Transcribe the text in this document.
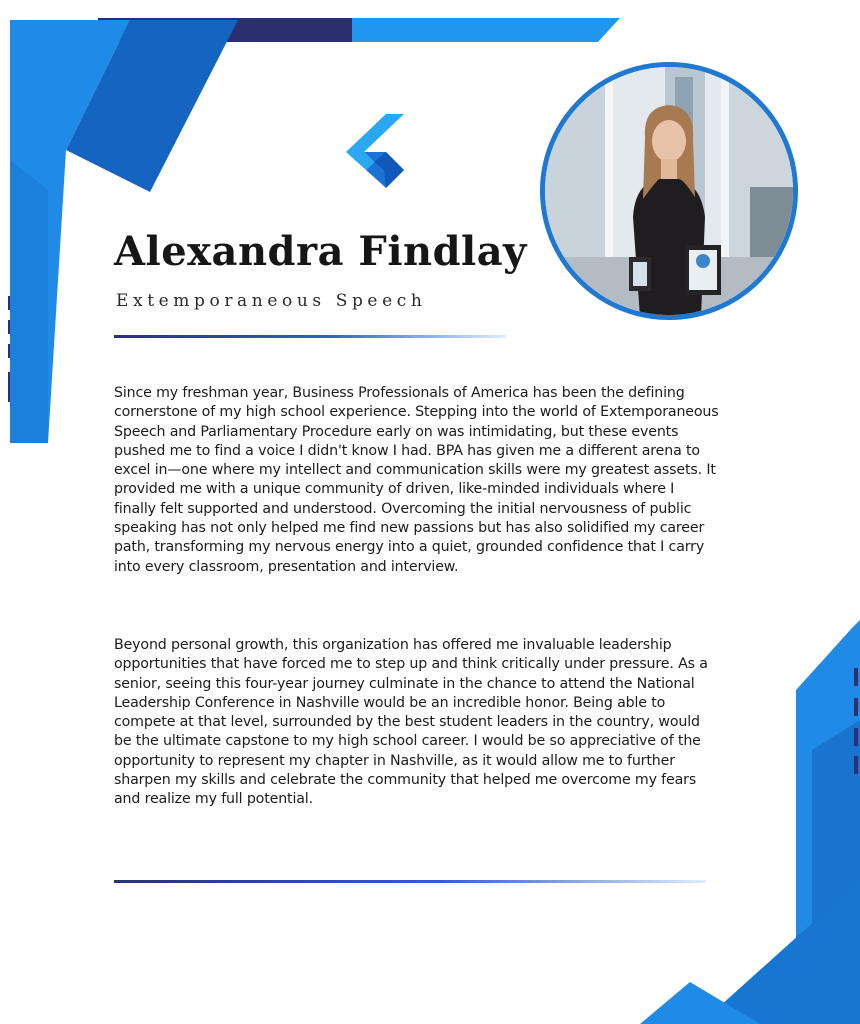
Alexandra Findlay
Extemporaneous Speech

Since my freshman year, Business Professionals of America has been the defining cornerstone of my high school experience. Stepping into the world of Extemporaneous Speech and Parliamentary Procedure early on was intimidating, but these events pushed me to find a voice I didn't know I had. BPA has given me a different arena to excel in—one where my intellect and communication skills were my greatest assets. It provided me with a unique community of driven, like-minded individuals where I finally felt supported and understood. Overcoming the initial nervousness of public speaking has not only helped me find new passions but has also solidified my career path, transforming my nervous energy into a quiet, grounded confidence that I carry into every classroom, presentation and interview.

Beyond personal growth, this organization has offered me invaluable leadership opportunities that have forced me to step up and think critically under pressure. As a senior, seeing this four-year journey culminate in the chance to attend the National Leadership Conference in Nashville would be an incredible honor. Being able to compete at that level, surrounded by the best student leaders in the country, would be the ultimate capstone to my high school career. I would be so appreciative of the opportunity to represent my chapter in Nashville, as it would allow me to further sharpen my skills and celebrate the community that helped me overcome my fears and realize my full potential.
